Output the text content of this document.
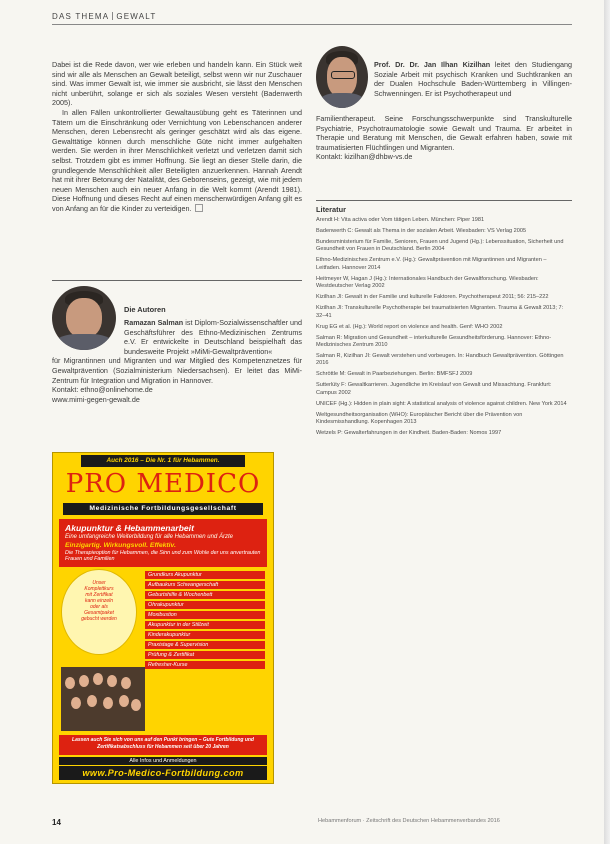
DAS THEMA GEWALT

Dabei ist die Rede davon, wer wie erleben und handeln kann. Ein Stück weit sind wir alle als Menschen an Gewalt beteiligt, selbst wenn wir nur Zuschauer sind. Was immer Gewalt ist, wie immer sie ausbricht, sie lässt den Menschen nicht unberührt, solange er sich als soziales Wesen versteht (Badenwerth 2005).

In allen Fällen unkontrollierter Gewaltausübung geht es Täterinnen und Tätern um die Einschränkung oder Vernichtung von Lebenschancen anderer Menschen, deren Lebensrecht als geringer geschätzt wird als das eigene. Gewalttätige können durch menschliche Güte nicht immer aufgehalten werden. Sie werden in ihrer Menschlichkeit verletzt und verletzen damit sich selbst. Trotzdem gibt es immer Hoffnung. Sie liegt an dieser Stelle darin, die grundlegende Menschlichkeit aller Beteiligten anzuerkennen. Hannah Arendt hat mit ihrer Betonung der Natalität, des Geborenseins, gezeigt, wie mit jedem neuen Menschen auch ein neuer Anfang in die Welt kommt (Arendt 1981). Diese Hoffnung und dieses Recht auf einen menschenwürdigen Anfang gilt es von Anfang an für die Kinder zu verteidigen.

Die Autoren
Ramazan Salman ist Diplom-Sozialwissenschaftler und Geschäftsführer des Ethno-Medizinischen Zentrums e.V. Er entwickelte in Deutschland beispielhaft das bundesweite Projekt »MiMi-Gewaltprävention«
für Migrantinnen und Migranten und war Mitglied des Kompetenznetzes für Gewaltprävention (Sozialministerium Niedersachsen). Er leitet das MiMi-Zentrum für Integration und Migration in Hannover.
Kontakt: ethno@onlinehome.de
www.mimi-gegen-gewalt.de
Prof. Dr. Dr. Jan Ilhan Kizilhan leitet den Studiengang Soziale Arbeit mit psychisch Kranken und Suchtkranken an der Dualen Hochschule Baden-Württemberg in Villingen-Schwenningen. Er ist Psychotherapeut und
Familientherapeut. Seine Forschungsschwerpunkte sind Transkulturelle Psychiatrie, Psychotraumatologie sowie Gewalt und Trauma. Er arbeitet in Therapie und Beratung mit Menschen, die Gewalt erfahren haben, sowie mit traumatisierten Flüchtlingen und Migranten.
Kontakt: kizilhan@dhbw-vs.de
Literatur
Arendt H: Vita activa oder Vom tätigen Leben. München: Piper 1981
Badenwerth C: Gewalt als Thema in der sozialen Arbeit. Wiesbaden: VS Verlag 2005
Bundesministerium für Familie, Senioren, Frauen und Jugend (Hg.): Lebenssituation, Sicherheit und Gesundheit von Frauen in Deutschland. Berlin 2004
Ethno-Medizinisches Zentrum e.V. (Hg.): Gewaltprävention mit Migrantinnen und Migranten – Leitfaden. Hannover 2014
Heitmeyer W, Hagan J (Hg.): Internationales Handbuch der Gewaltforschung. Wiesbaden: Westdeutscher Verlag 2002
Kizilhan JI: Gewalt in der Familie und kulturelle Faktoren. Psychotherapeut 2011; 56: 215–222
Kizilhan JI: Transkulturelle Psychotherapie bei traumatisierten Migranten. Trauma & Gewalt 2013; 7: 32–41
Krug EG et al. (Hg.): World report on violence and health. Genf: WHO 2002
Salman R: Migration und Gesundheit – interkulturelle Gesundheitsförderung. Hannover: Ethno-Medizinisches Zentrum 2010
Salman R, Kizilhan JI: Gewalt verstehen und vorbeugen. In: Handbuch Gewaltprävention. Göttingen 2016
Schröttle M: Gewalt in Paarbeziehungen. Berlin: BMFSFJ 2009
Sutterlüty F: Gewaltkarrieren. Jugendliche im Kreislauf von Gewalt und Missachtung. Frankfurt: Campus 2002
UNICEF (Hg.): Hidden in plain sight: A statistical analysis of violence against children. New York 2014
Weltgesundheitsorganisation (WHO): Europäischer Bericht über die Prävention von Kindesmisshandlung. Kopenhagen 2013
Wetzels P: Gewalterfahrungen in der Kindheit. Baden-Baden: Nomos 1997
Auch 2016 – Die Nr. 1 für Hebammen.
PRO MEDICO
Medizinische Fortbildungsgesellschaft
Akupunktur & Hebammenarbeit
Eine umfangreiche Weiterbildung für alle Hebammen und Ärzte
Einzigartig. Wirkungsvoll. Effektiv.
Die Therapieoption für Hebammen, die Sinn und zum Wohle der uns anvertrauten Frauen und Familien
Unser
Komplettkurs
mit Zertifikat
kann einzeln
oder als
Gesamtpaket
gebucht werden
Grundkurs Akupunktur
Aufbaukurs Schwangerschaft
Geburtshilfe & Wochenbett
Ohrakupunktur
Moxibustion
Akupunktur in der Stillzeit
Kinderakupunktur
Praxistage & Supervision
Prüfung & Zertifikat
Refresher-Kurse
Lassen auch Sie sich von uns auf den Punkt bringen – Gute Fortbildung und Zertifikatsabschluss für Hebammen seit über 20 Jahren
Alle Infos und Anmeldungen
www.Pro-Medico-Fortbildung.com
14	Hebammenforum · Zeitschrift des Deutschen Hebammenverbandes 2016
